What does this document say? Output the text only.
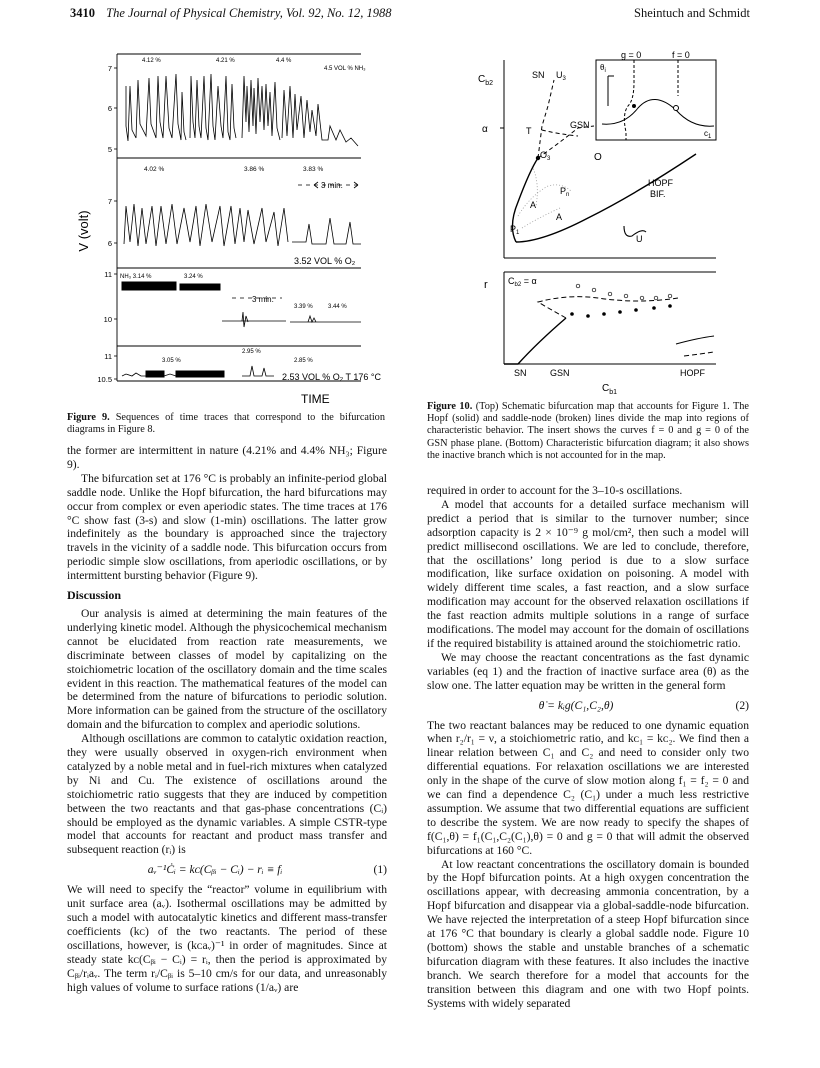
3410 The Journal of Physical Chemistry, Vol. 92, No. 12, 1988	Sheintuch and Schmidt
7
6
5
7
6
11
10
11
10.5
V (volt)
4.12 %	4.21 %	4.4 %
4.5 VOL % NH₃
4.02 %	3.86 %	3.83 %
3 min.
3.52 VOL % O₂
NH₃ 3.14 %	3.24 %
3.39 %	3.44 %
3 min.
3.05 %
2.95 %
2.85 %
2.53 VOL % O₂ T 176 °C
TIME
Figure 9. Sequences of time traces that correspond to the bifurcation diagrams in Figure 8.
$C_{b2}$
α
g = 0	f = 0
$\theta_i$
$c_1$
SN $U_3$
T
GSN
$O_3$	O
$P_n$
A
A
$P_1$
HOPF
BIF.
U
r $C_{b2} = \alpha$
SN	GSN	HOPF
$C_{b1}$
Figure 10. (Top) Schematic bifurcation map that accounts for Figure 1. The Hopf (solid) and saddle-node (broken) lines divide the map into regions of characteristic behavior. The insert shows the curves f = 0 and g = 0 of the GSN phase plane. (Bottom) Characteristic bifurcation diagram; it also shows the inactive branch which is not accounted for in the map.

the former are intermittent in nature (4.21% and 4.4% NH₃; Figure 9).

The bifurcation set at 176 °C is probably an infinite-period global saddle node. Unlike the Hopf bifurcation, the hard bifurcations may occur from complex or even aperiodic states. The time traces at 176 °C show fast (3-s) and slow (1-min) oscillations. The latter grow indefinitely as the boundary is approached since the trajectory travels in the vicinity of a saddle node. This bifurcation occurs from periodic simple slow oscillations, from aperiodic oscillations, or by intermittent bursting behavior (Figure 9).

Discussion

Our analysis is aimed at determining the main features of the underlying kinetic model. Although the physicochemical mechanism cannot be elucidated from reaction rate measurements, we discriminate between classes of model by capitalizing on the stoichiometric location of the oscillatory domain and the time scales evident in this reaction. The mathematical features of the model can be determined from the nature of bifurcations to periodic solution. More information can be gained from the structure of the oscillatory domain and the bifurcation to complex and aperiodic solutions.

Although oscillations are common to catalytic oxidation reaction, they were usually observed in oxygen-rich environment when catalyzed by a noble metal and in fuel-rich mixtures when catalyzed by Ni and Cu. The existence of oscillations around the stoichiometric ratio suggests that they are induced by competition between the two reactants and that gas-phase concentrations (Cᵢ) should be employed as the dynamic variables. A simple CSTR-type model that accounts for reactant and product mass transfer and subsequent reaction (rᵢ) is

aᵥ⁻¹Ċᵢ = kᴄ(Cᵦᵢ − Cᵢ) − rᵢ ≡ fᵢ	(1)

We will need to specify the “reactor” volume in equilibrium with unit surface area (aᵥ). Isothermal oscillations may be admitted by such a model with autocatalytic kinetics and different mass-transfer coefficients (kᴄ) of the two reactants. The period of these oscillations, however, is (kᴄaᵥ)⁻¹ in order of magnitudes. Since at steady state kᴄ(Cᵦᵢ − Cᵢ) = rᵢ, then the period is approximated by Cᵦᵢ/rᵢaᵥ. The term rᵢ/Cᵦᵢ is 5–10 cm/s for our data, and unreasonably high values of volume to surface rations (1/aᵥ) are

required in order to account for the 3–10-s oscillations.

A model that accounts for a detailed surface mechanism will predict a period that is similar to the turnover number; since adsorption capacity is 2 × 10⁻⁹ g mol/cm², then such a model will predict millisecond oscillations. We are led to conclude, therefore, that the oscillations’ long period is due to a slow surface modification, like surface oxidation on poisoning. A model with widely different time scales, a fast reaction, and a slow surface modification may account for the observed relaxation oscillations if the fast reaction admits multiple solutions in a range of surface modifications. The model may account for the domain of oscillations if the required bistability is attained around the stoichiometric ratio.

We may choose the reactant concentrations as the fast dynamic variables (eq 1) and the fraction of inactive surface area (θ) as the slow one. The latter equation may be written in the general form

θ̇ = kᵢg(C₁,C₂,θ)	(2)

The two reactant balances may be reduced to one dynamic equation when r₂/r₁ = ν, a stoichiometric ratio, and kᴄ₁ = kᴄ₂. We find then a linear relation between C₁ and C₂ and need to consider only two differential equations. For relaxation oscillations we are interested only in the shape of the curve of slow motion along f₁ = f₂ = 0 and we can find a dependence C₂ (C₁) under a much less restrictive assumption. We assume that two differential equations are sufficient to describe the system. We are now ready to specify the shapes of f(C₁,θ) = f₁(C₁,C₂(C₁),θ) = 0 and g = 0 that will admit the observed bifurcations at 160 °C.

At low reactant concentrations the oscillatory domain is bounded by the Hopf bifurcation points. At a high oxygen concentration the oscillations appear, with decreasing ammonia concentration, by a Hopf bifurcation and disappear via a global-saddle-node bifurcation. We have rejected the interpretation of a steep Hopf bifurcation since at 176 °C that boundary is clearly a global saddle node. Figure 10 (bottom) shows the stable and unstable branches of a schematic bifurcation diagram with these features. It also includes the inactive branch. We search therefore for a model that accounts for the transition between this diagram and one with two Hopf points. Systems with widely separated
